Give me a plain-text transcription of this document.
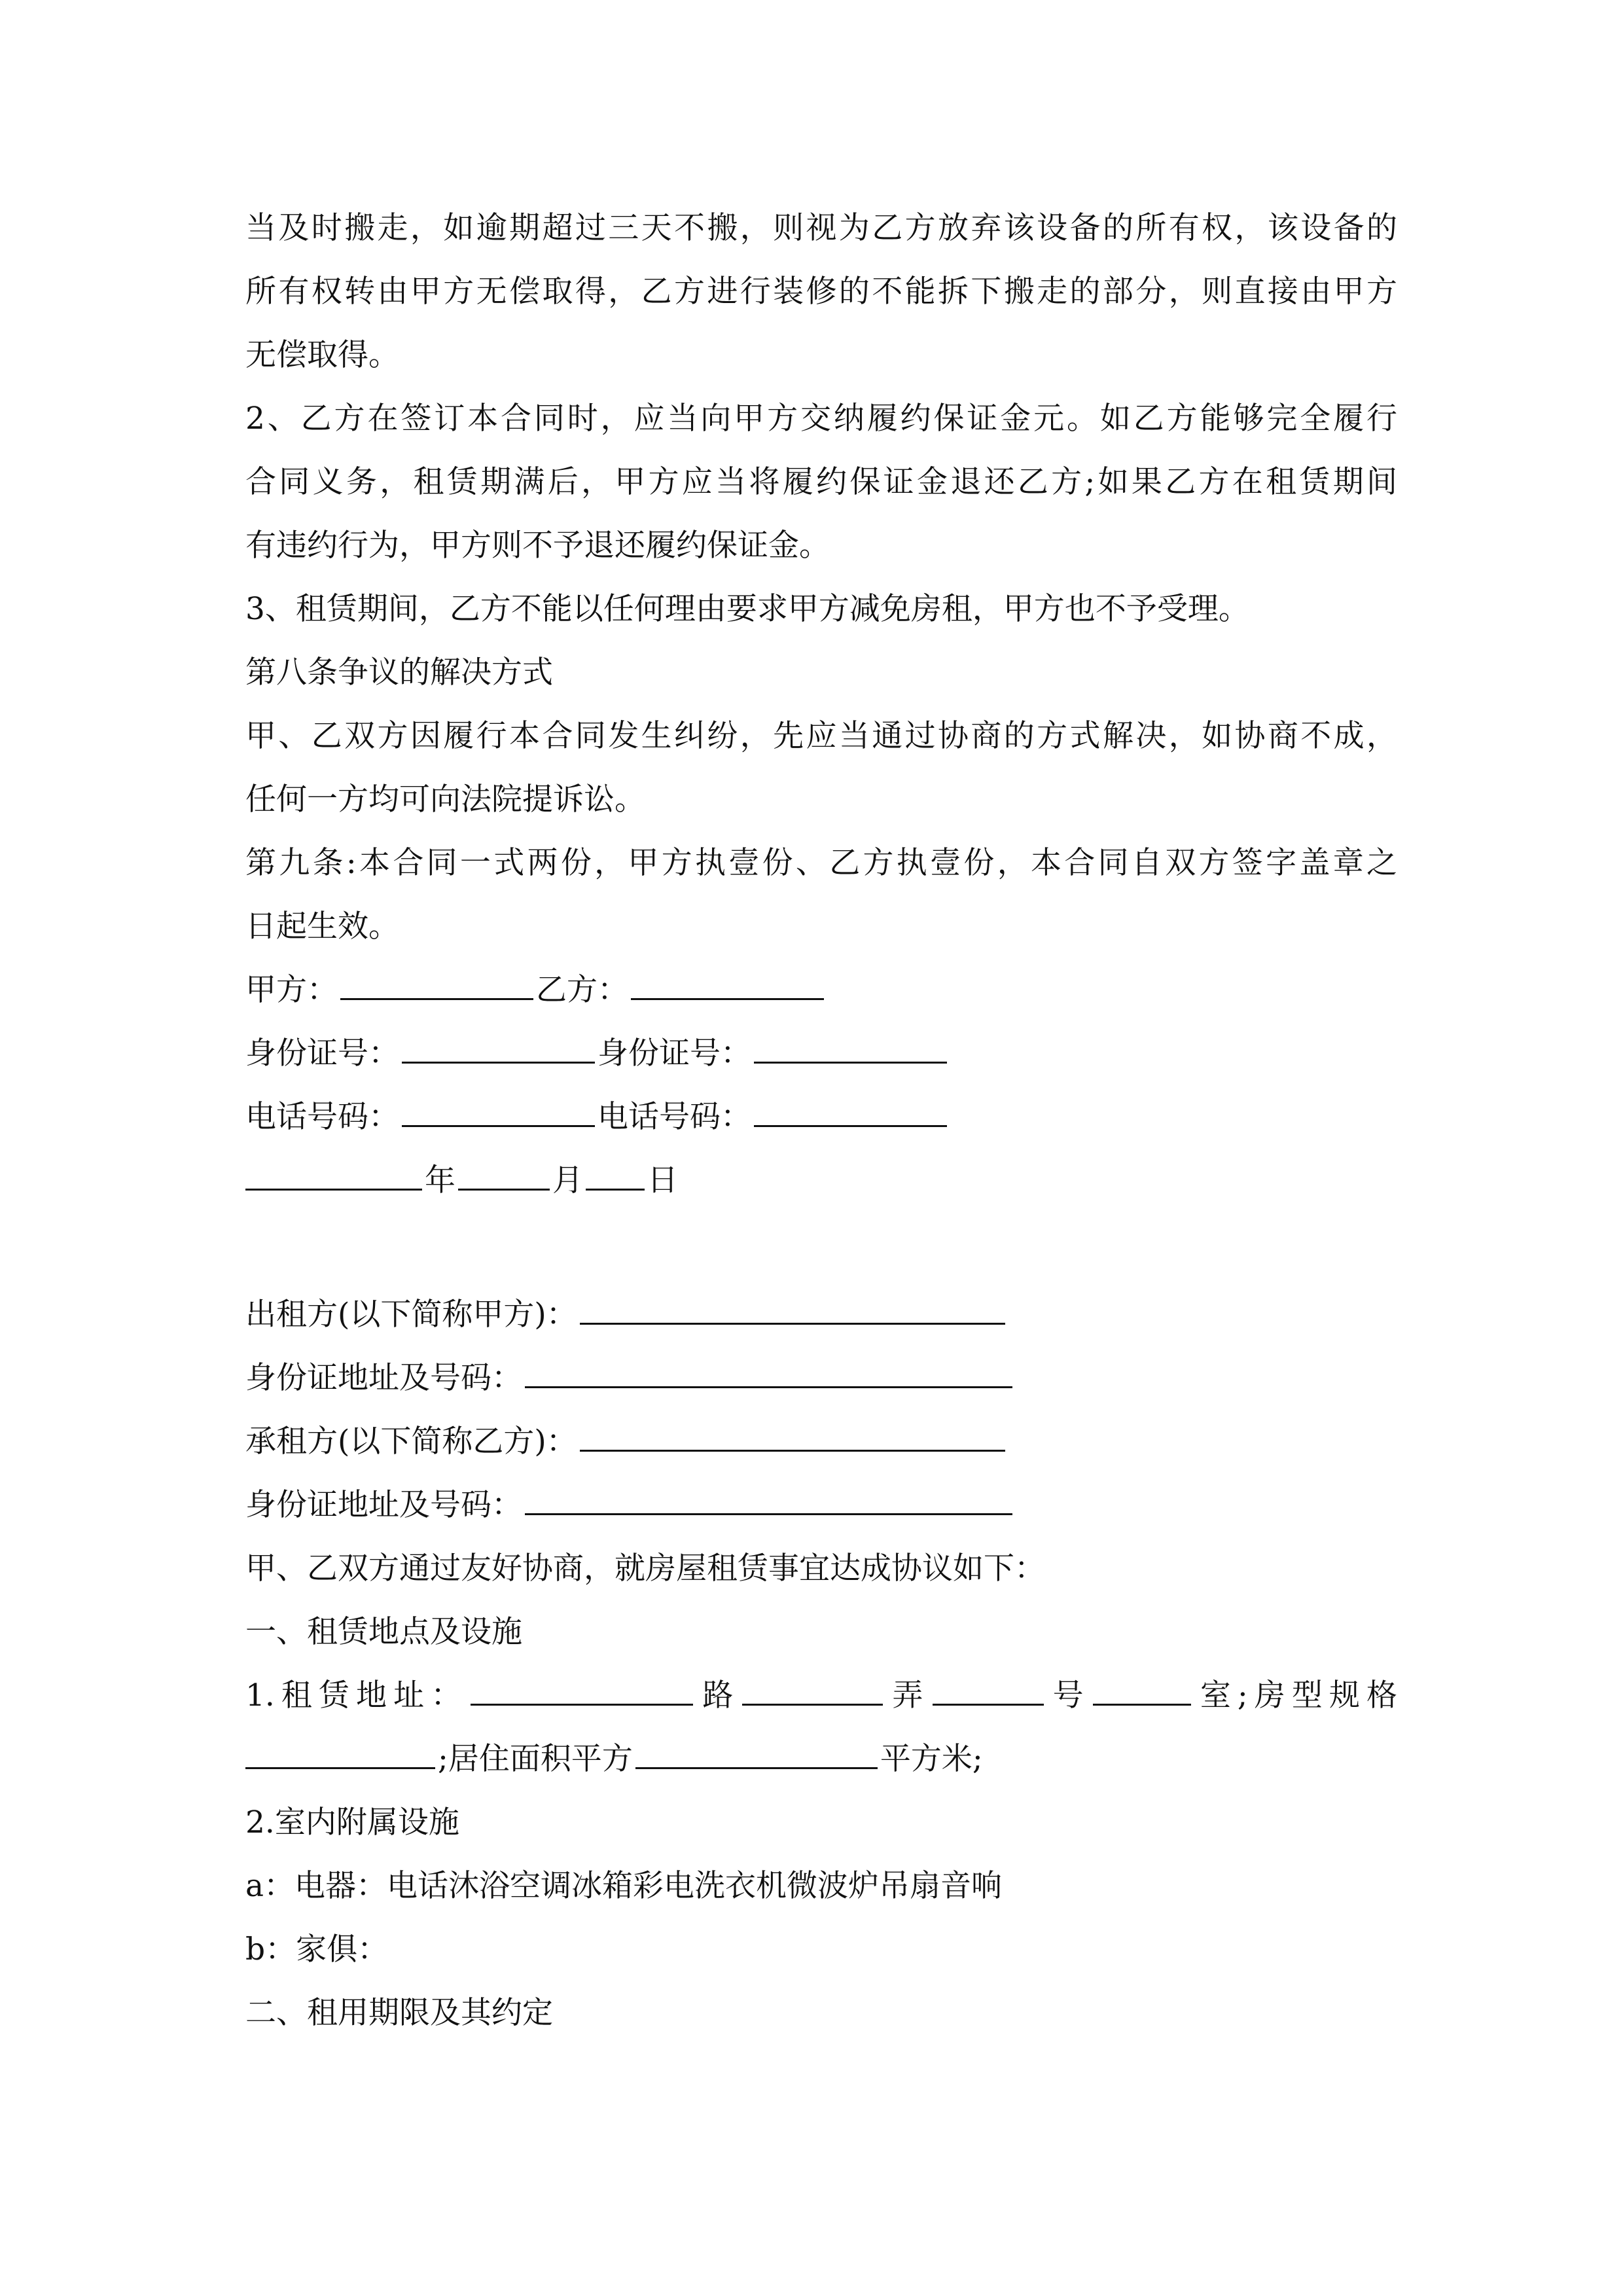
当及时搬走，如逾期超过三天不搬，则视为乙方放弃该设备的所有权，该设备的
所有权转由甲方无偿取得，乙方进行装修的不能拆下搬走的部分，则直接由甲方
无偿取得。
2、乙方在签订本合同时，应当向甲方交纳履约保证金元。如乙方能够完全履行
合同义务，租赁期满后，甲方应当将履约保证金退还乙方;如果乙方在租赁期间
有违约行为，甲方则不予退还履约保证金。
3、租赁期间，乙方不能以任何理由要求甲方减免房租，甲方也不予受理。
第八条争议的解决方式
甲、乙双方因履行本合同发生纠纷，先应当通过协商的方式解决，如协商不成，
任何一方均可向法院提诉讼。
第九条:本合同一式两份，甲方执壹份、乙方执壹份，本合同自双方签字盖章之
日起生效。
甲方：	乙方：
身份证号：	身份证号：
电话号码：	电话号码：
年	月 日
出租方(以下简称甲方)：
身份证地址及号码：
承租方(以下简称乙方)：
身份证地址及号码：
甲、乙双方通过友好协商，就房屋租赁事宜达成协议如下：
一、租赁地点及设施
1.租赁地址：	路	弄	号	室;房型规格
;居住面积平方	平方米;
2.室内附属设施
a：电器：电话沐浴空调冰箱彩电洗衣机微波炉吊扇音响
b：家俱：
二、租用期限及其约定
